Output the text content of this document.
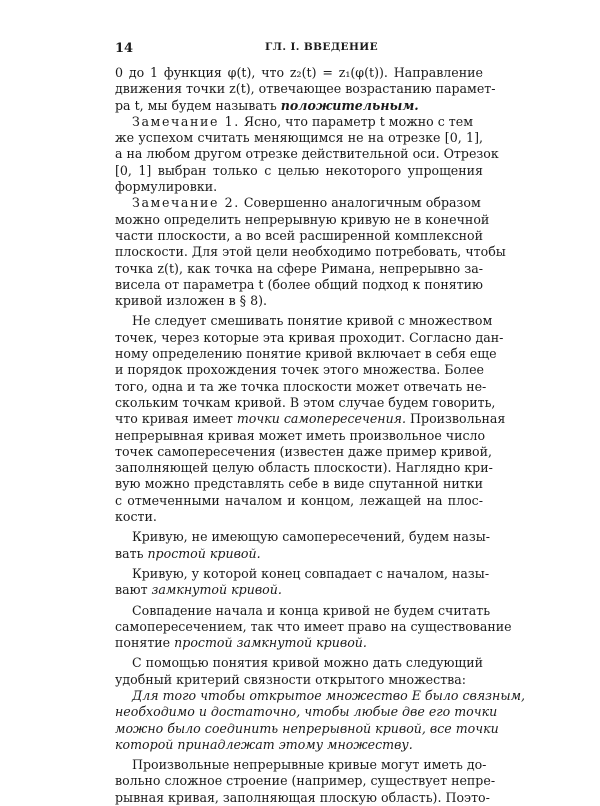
14	ГЛ. I. ВВЕДЕНИЕ
0 до 1 функция φ(t), что z₂(t) = z₁(φ(t)). Направление
движения точки z(t), отвечающее возрастанию парамет-
ра t, мы будем называть положительным.
Замечание 1. Ясно, что параметр t можно с тем
же успехом считать меняющимся не на отрезке [0, 1],
а на любом другом отрезке действительной оси. Отрезок
[0, 1] выбран только с целью некоторого упрощения
формулировки.
Замечание 2. Совершенно аналогичным образом
можно определить непрерывную кривую не в конечной
части плоскости, а во всей расширенной комплексной
плоскости. Для этой цели необходимо потребовать, чтобы
точка z(t), как точка на сфере Римана, непрерывно за-
висела от параметра t (более общий подход к понятию
кривой изложен в § 8).
Не следует смешивать понятие кривой с множеством
точек, через которые эта кривая проходит. Согласно дан-
ному определению понятие кривой включает в себя еще
и порядок прохождения точек этого множества. Более
того, одна и та же точка плоскости может отвечать не-
скольким точкам кривой. В этом случае будем говорить,
что кривая имеет точки самопересечения. Произвольная
непрерывная кривая может иметь произвольное число
точек самопересечения (известен даже пример кривой,
заполняющей целую область плоскости). Наглядно кри-
вую можно представлять себе в виде спутанной нитки
с отмеченными началом и концом, лежащей на плос-
кости.
Кривую, не имеющую самопересечений, будем назы-
вать простой кривой.
Кривую, у которой конец совпадает с началом, назы-
вают замкнутой кривой.
Совпадение начала и конца кривой не будем считать
самопересечением, так что имеет право на существование
понятие простой замкнутой кривой.
С помощью понятия кривой можно дать следующий
удобный критерий связности открытого множества:
Для того чтобы открытое множество E было связным,
необходимо и достаточно, чтобы любые две его точки
можно было соединить непрерывной кривой, все точки
которой принадлежат этому множеству.
Произвольные непрерывные кривые могут иметь до-
вольно сложное строение (например, существует непре-
рывная кривая, заполняющая плоскую область). Поэто-
